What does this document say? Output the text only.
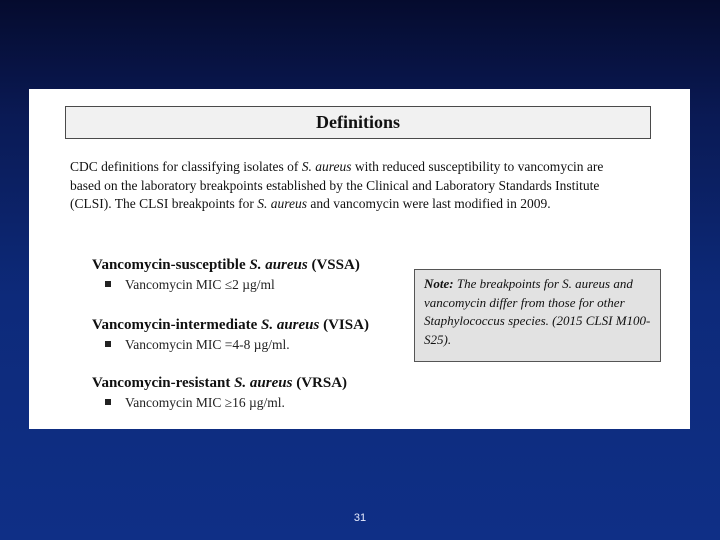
Definitions

CDC definitions for classifying isolates of S. aureus with reduced susceptibility to vancomycin are based on the laboratory breakpoints established by the Clinical and Laboratory Standards Institute (CLSI). The CLSI breakpoints for S. aureus and vancomycin were last modified in 2009.

Vancomycin-susceptible S. aureus (VSSA)
Vancomycin MIC ≤2 µg/ml
Vancomycin-intermediate S. aureus (VISA)
Vancomycin MIC =4-8 µg/ml.
Vancomycin-resistant S. aureus (VRSA)
Vancomycin MIC ≥16 µg/ml.
Note: The breakpoints for S. aureus and vancomycin differ from those for other Staphylococcus species. (2015 CLSI M100-S25).
31
